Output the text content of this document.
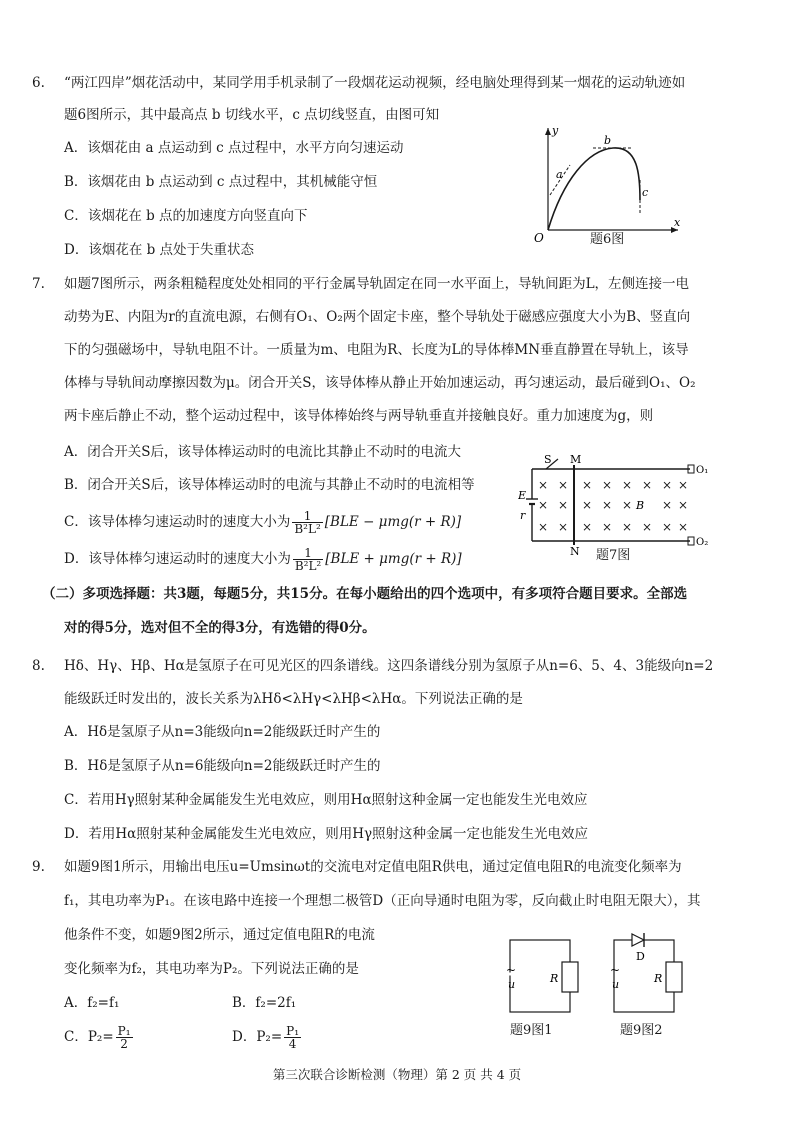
6. “两江四岸”烟花活动中，某同学用手机录制了一段烟花运动视频，经电脑处理得到某一烟花的运动轨迹如
题6图所示，其中最高点 b 切线水平，c 点切线竖直，由图可知
A．该烟花由 a 点运动到 c 点过程中，水平方向匀速运动
B．该烟花由 b 点运动到 c 点过程中，其机械能守恒
C．该烟花在 b 点的加速度方向竖直向下
D．该烟花在 b 点处于失重状态
y
x
O
a
b
c
题6图
7. 如题7图所示，两条粗糙程度处处相同的平行金属导轨固定在同一水平面上，导轨间距为L，左侧连接一电
动势为E、内阻为r的直流电源，右侧有O₁、O₂两个固定卡座，整个导轨处于磁感应强度大小为B、竖直向
下的匀强磁场中，导轨电阻不计。一质量为m、电阻为R、长度为L的导体棒MN垂直静置在导轨上，该导
体棒与导轨间动摩擦因数为μ。闭合开关S，该导体棒从静止开始加速运动，再匀速运动，最后碰到O₁、O₂
两卡座后静止不动，整个运动过程中，该导体棒始终与两导轨垂直并接触良好。重力加速度为g，则
A．闭合开关S后，该导体棒运动时的电流比其静止不动时的电流大
B．闭合开关S后，该导体棒运动时的电流与其静止不动时的电流相等
C．该导体棒匀速运动时的速度大小为 $\frac{1}{\text{B²L²}} [BLE - \mu mg(r + R)]$
D．该导体棒匀速运动时的速度大小为 $\frac{1}{\text{B²L²}} [BLE + \mu mg(r + R)]$
× × × × × × × ×
× × × × × × ×
× × × × × × × ×
S M
N
E
r
B
O₁
O₂
题7图
（二）多项选择题：共3题，每题5分，共15分。在每小题给出的四个选项中，有多项符合题目要求。全部选
对的得5分，选对但不全的得3分，有选错的得0分。
8. Hδ、Hγ、Hβ、Hα是氢原子在可见光区的四条谱线。这四条谱线分别为氢原子从n=6、5、4、3能级向n=2
能级跃迁时发出的，波长关系为λHδ<λHγ<λHβ<λHα。下列说法正确的是
A．Hδ是氢原子从n=3能级向n=2能级跃迁时产生的
B．Hδ是氢原子从n=6能级向n=2能级跃迁时产生的
C．若用Hγ照射某种金属能发生光电效应，则用Hα照射这种金属一定也能发生光电效应
D．若用Hα照射某种金属能发生光电效应，则用Hγ照射这种金属一定也能发生光电效应
9. 如题9图1所示，用输出电压u=Umsinωt的交流电对定值电阻R供电，通过定值电阻R的电流变化频率为
f₁，其电功率为P₁。在该电路中连接一个理想二极管D（正向导通时电阻为零，反向截止时电阻无限大），其
他条件不变，如题9图2所示，通过定值电阻R的电流
变化频率为f₂，其电功率为P₂。下列说法正确的是
A．f₂=f₁	B．f₂=2f₁
C．$P_2= \frac{\text{P₁}}{2}$	D．$P_2= \frac{\text{P₁}}{4}$
~
u	R
题9图1
D
~
u	R
题9图2
第三次联合诊断检测（物理）第 2 页 共 4 页
